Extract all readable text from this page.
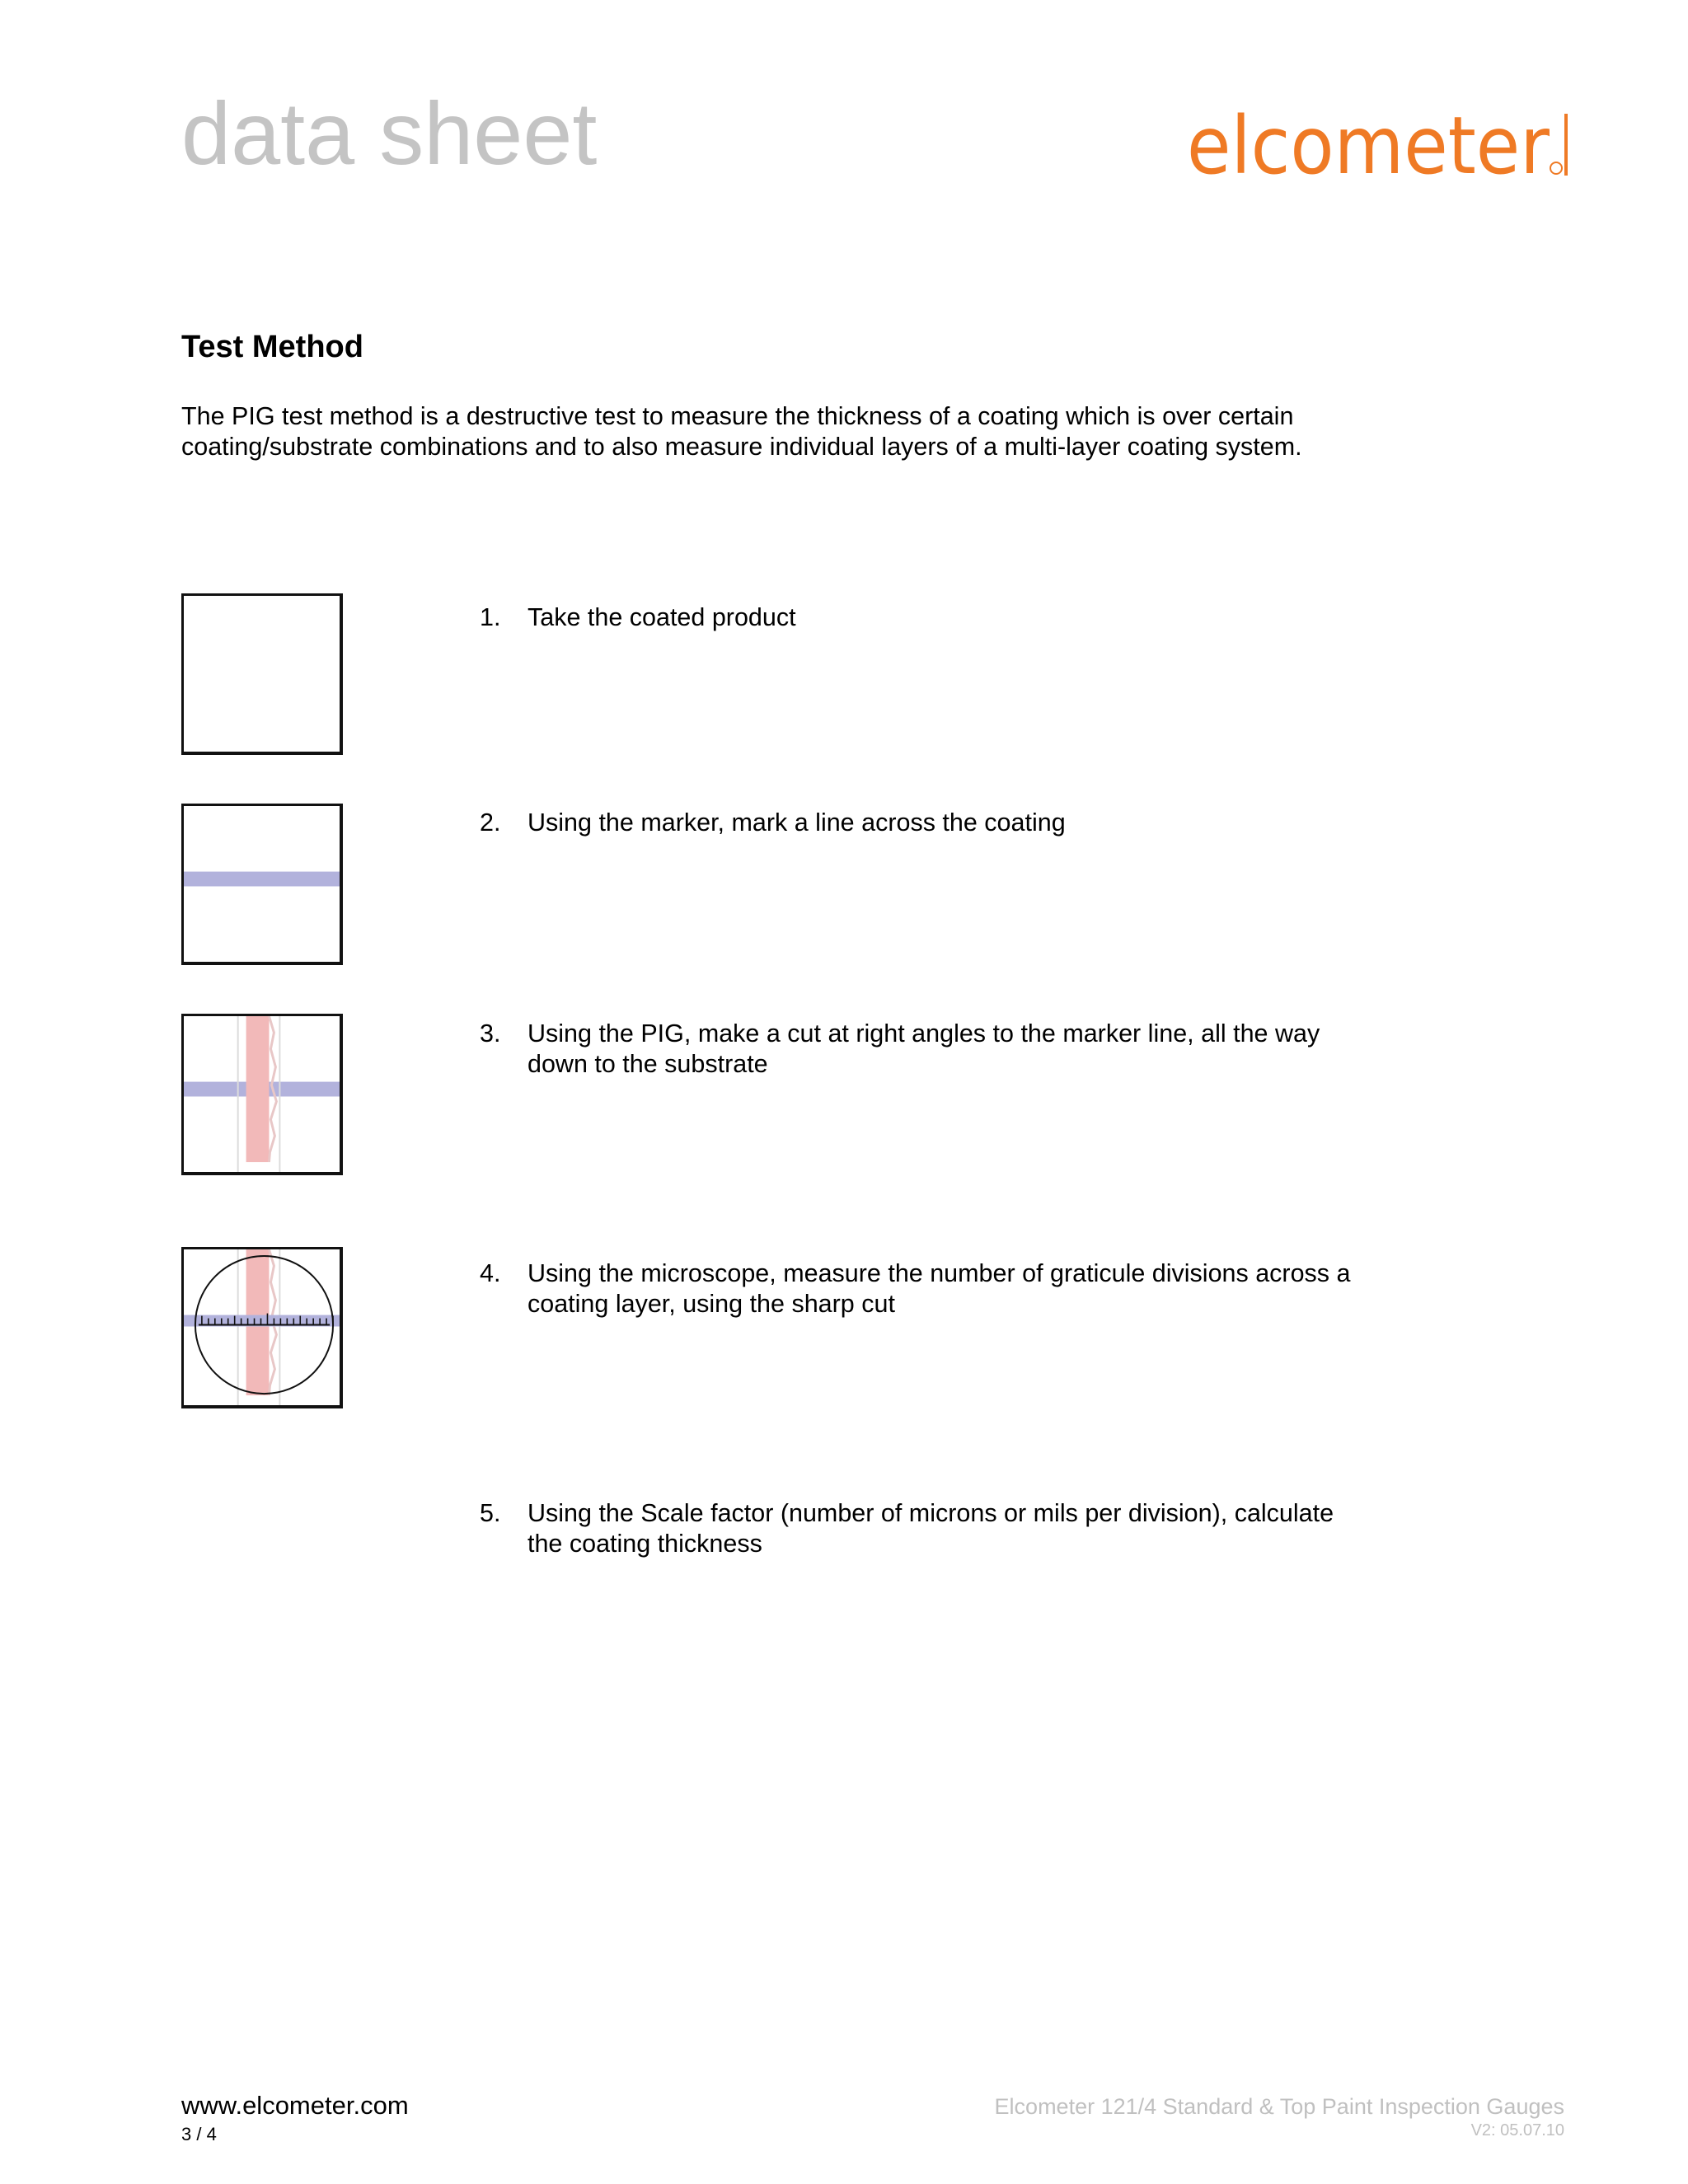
data sheet	elcometer
Test Method
The PIG test method is a destructive test to measure the thickness of a coating which is over certain coating/substrate combinations and to also measure individual layers of a multi-layer coating system.
1. Take the coated product
2. Using the marker, mark a line across the coating
3. Using the PIG, make a cut at right angles to the marker line, all the way down to the substrate
4. Using the microscope, measure the number of graticule divisions across a coating layer, using the sharp cut
5. Using the Scale factor (number of microns or mils per division), calculate the coating thickness
www.elcometer.com
3 / 4
Elcometer 121/4 Standard & Top Paint Inspection Gauges
V2: 05.07.10
